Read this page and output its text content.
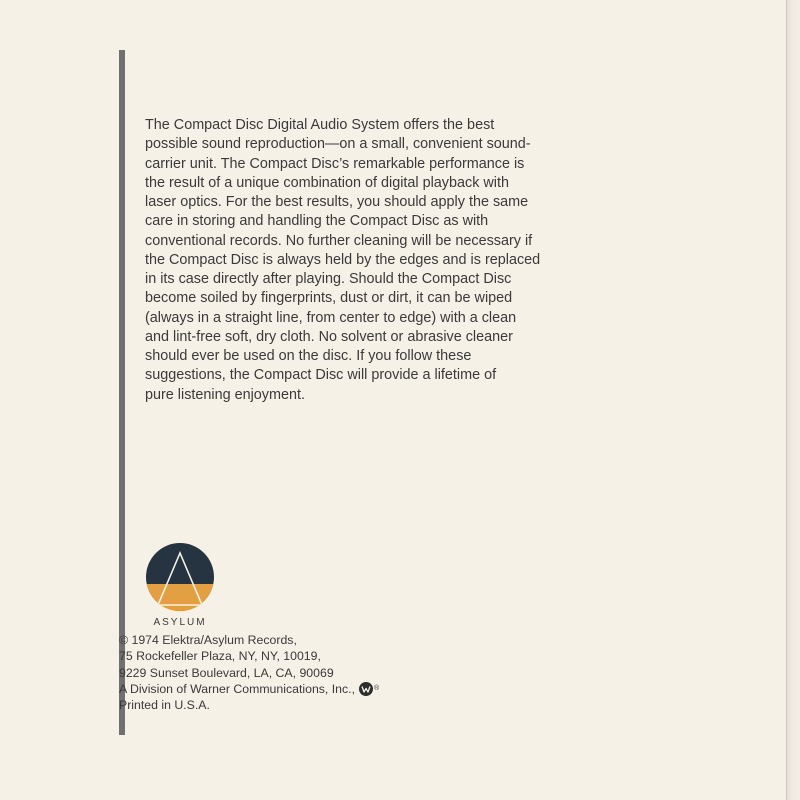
The Compact Disc Digital Audio System offers the best
possible sound reproduction—on a small, convenient sound-
carrier unit. The Compact Disc’s remarkable performance is
the result of a unique combination of digital playback with
laser optics. For the best results, you should apply the same
care in storing and handling the Compact Disc as with
conventional records. No further cleaning will be necessary if
the Compact Disc is always held by the edges and is replaced
in its case directly after playing. Should the Compact Disc
become soiled by fingerprints, dust or dirt, it can be wiped
(always in a straight line, from center to edge) with a clean
and lint-free soft, dry cloth. No solvent or abrasive cleaner
should ever be used on the disc. If you follow these
suggestions, the Compact Disc will provide a lifetime of
pure listening enjoyment.

ASYLUM
© 1974 Elektra/Asylum Records,
75 Rockefeller Plaza, NY, NY, 10019,
9229 Sunset Boulevard, LA, CA, 90069
A Division of Warner Communications, Inc.,	®
Printed in U.S.A.
